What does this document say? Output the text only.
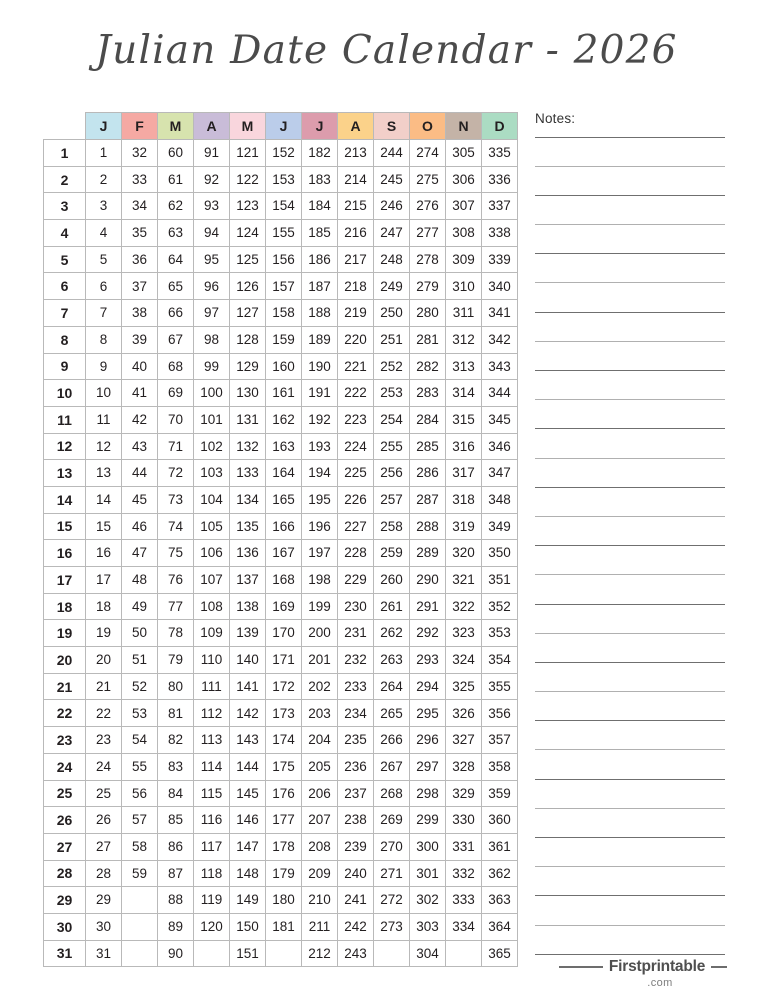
Julian Date Calendar - 2026
	J	F	M	A	M	J	J	A	S	O	N	D
1	1	32	60	91	121	152	182	213	244	274	305	335
2	2	33	61	92	122	153	183	214	245	275	306	336
3	3	34	62	93	123	154	184	215	246	276	307	337
4	4	35	63	94	124	155	185	216	247	277	308	338
5	5	36	64	95	125	156	186	217	248	278	309	339
6	6	37	65	96	126	157	187	218	249	279	310	340
7	7	38	66	97	127	158	188	219	250	280	311	341
8	8	39	67	98	128	159	189	220	251	281	312	342
9	9	40	68	99	129	160	190	221	252	282	313	343
10	10	41	69	100	130	161	191	222	253	283	314	344
11	11	42	70	101	131	162	192	223	254	284	315	345
12	12	43	71	102	132	163	193	224	255	285	316	346
13	13	44	72	103	133	164	194	225	256	286	317	347
14	14	45	73	104	134	165	195	226	257	287	318	348
15	15	46	74	105	135	166	196	227	258	288	319	349
16	16	47	75	106	136	167	197	228	259	289	320	350
17	17	48	76	107	137	168	198	229	260	290	321	351
18	18	49	77	108	138	169	199	230	261	291	322	352
19	19	50	78	109	139	170	200	231	262	292	323	353
20	20	51	79	110	140	171	201	232	263	293	324	354
21	21	52	80	111	141	172	202	233	264	294	325	355
22	22	53	81	112	142	173	203	234	265	295	326	356
23	23	54	82	113	143	174	204	235	266	296	327	357
24	24	55	83	114	144	175	205	236	267	297	328	358
25	25	56	84	115	145	176	206	237	268	298	329	359
26	26	57	85	116	146	177	207	238	269	299	330	360
27	27	58	86	117	147	178	208	239	270	300	331	361
28	28	59	87	118	148	179	209	240	271	301	332	362
29	29		88	119	149	180	210	241	272	302	333	363
30	30		89	120	150	181	211	242	273	303	334	364
31	31		90		151		212	243		304		365
Notes:
Firstprintable
.com
